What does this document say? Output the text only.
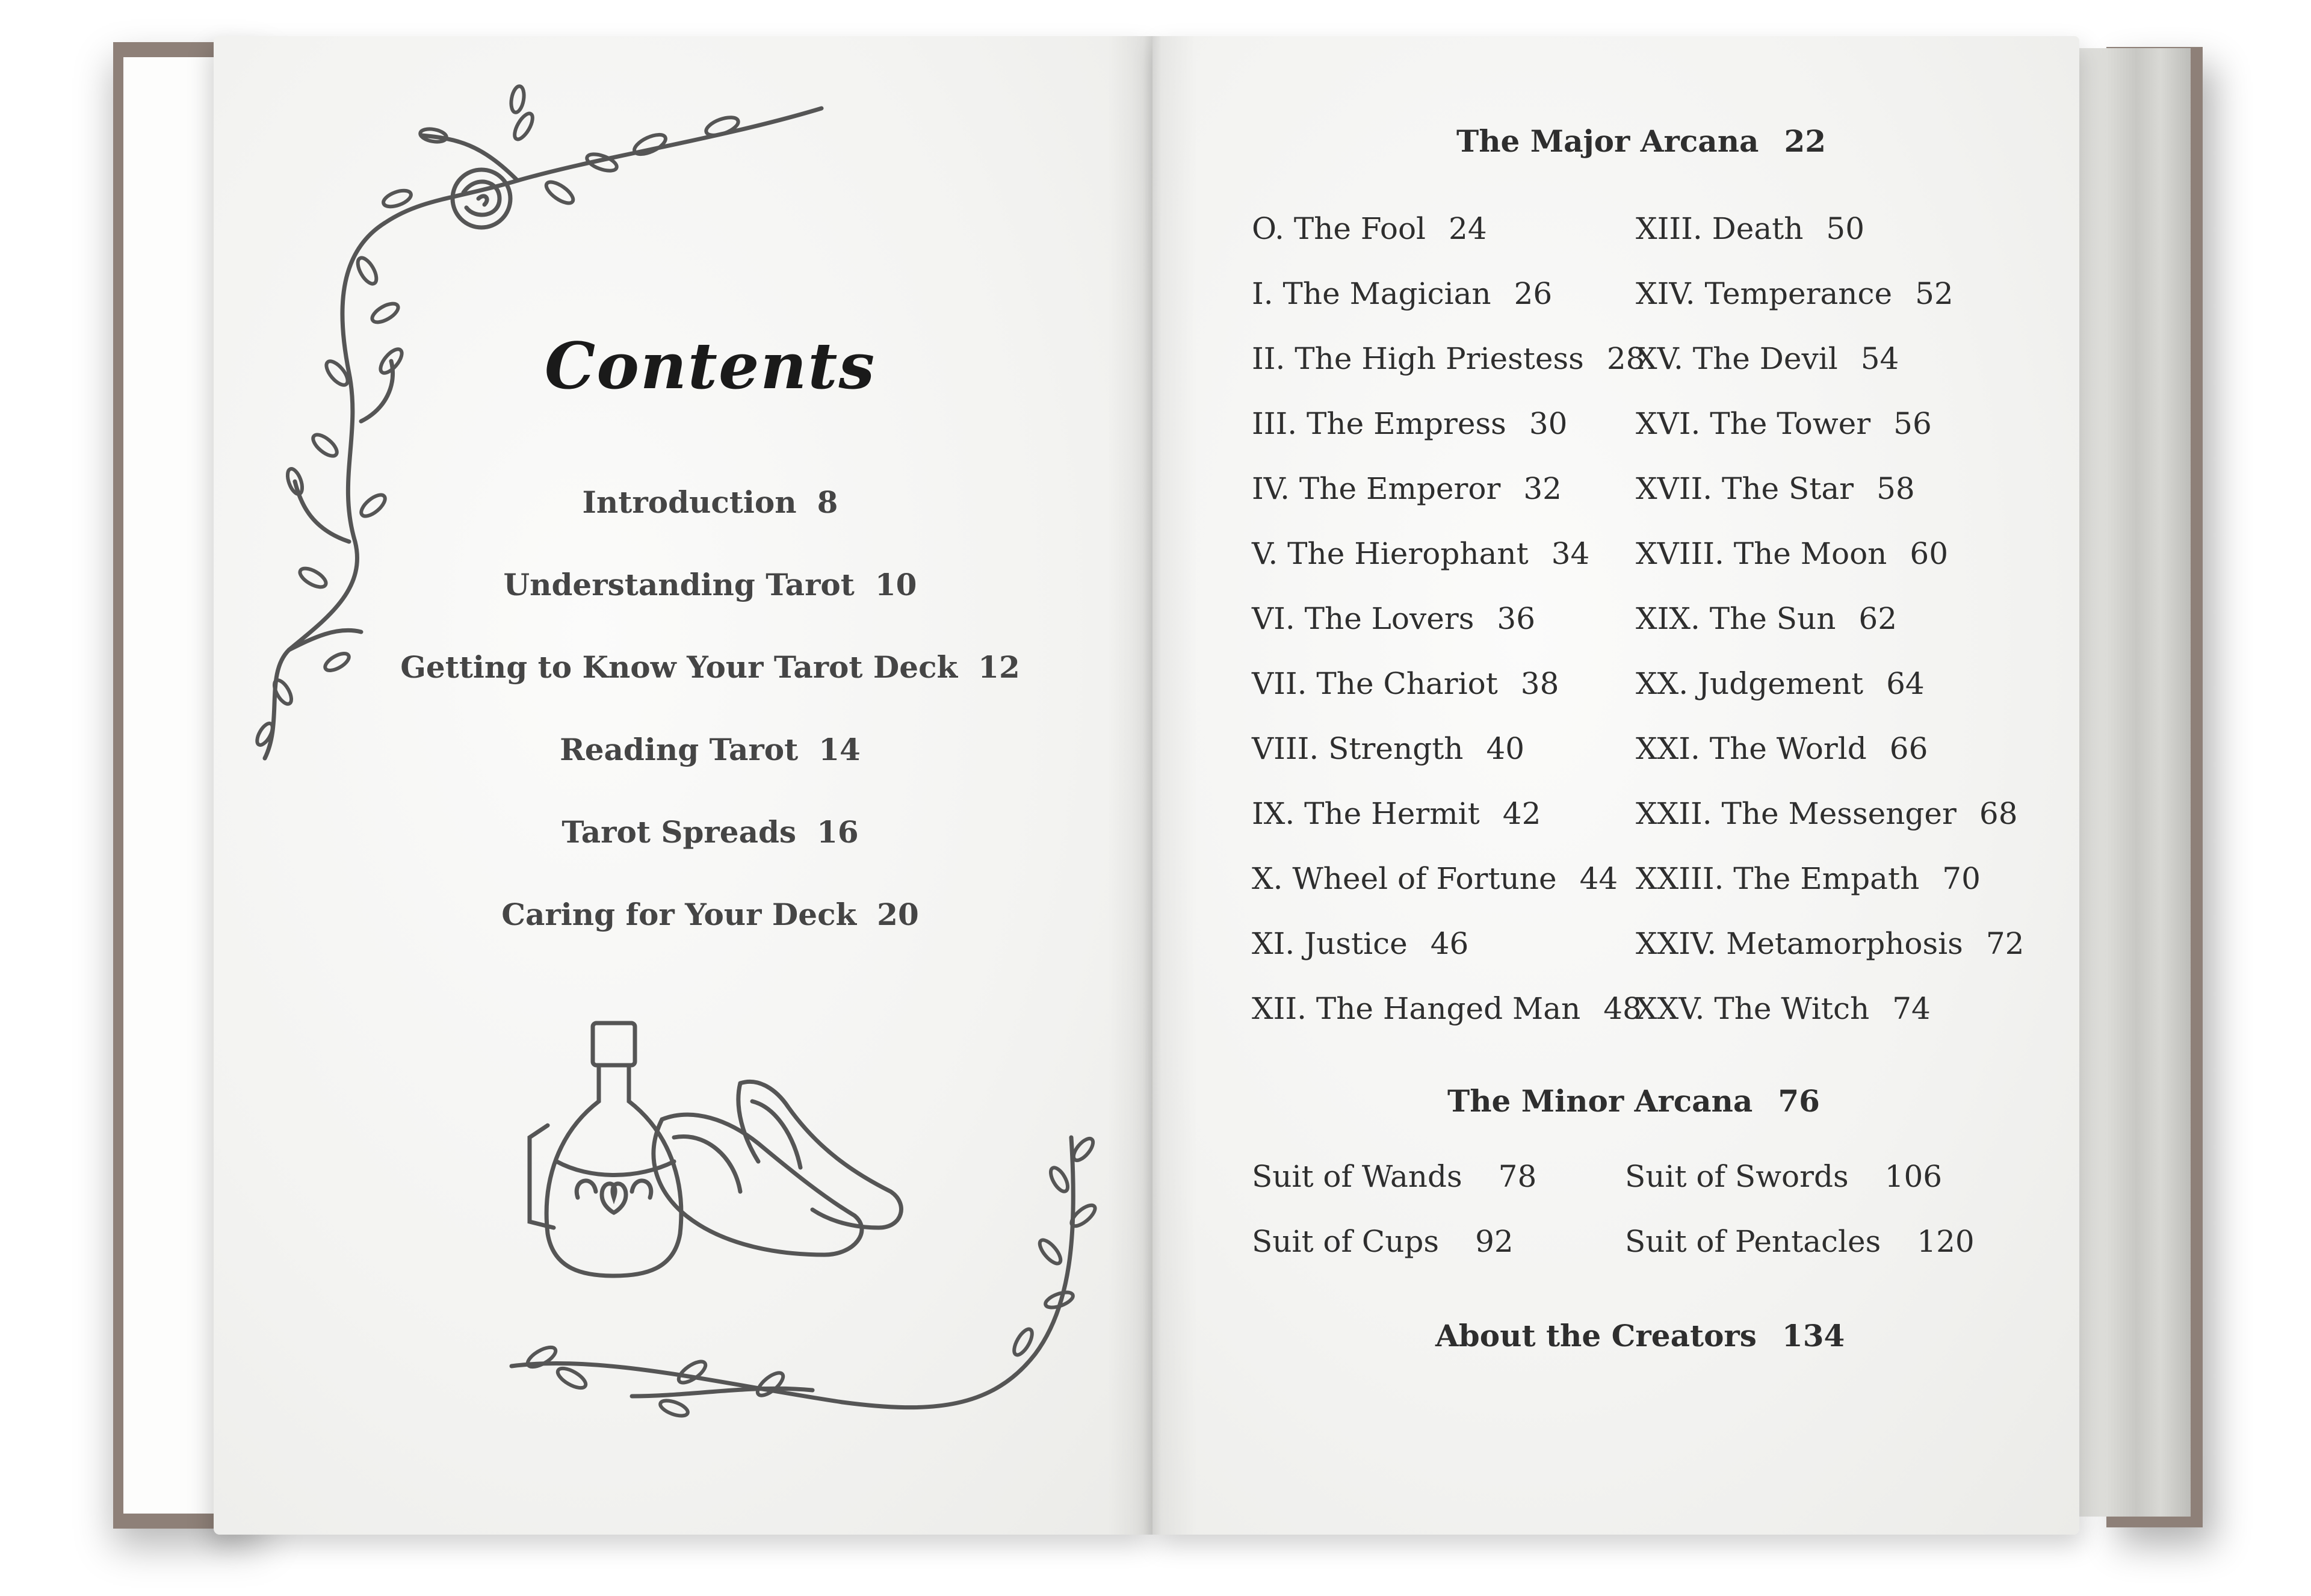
Contents
Introduction 8
Understanding Tarot 10
Getting to Know Your Tarot Deck 12
Reading Tarot 14
Tarot Spreads 16
Caring for Your Deck 20
The Major Arcana 22
O. The Fool 24
I. The Magician 26
II. The High Priestess 28
III. The Empress 30
IV. The Emperor 32
V. The Hierophant 34
VI. The Lovers 36
VII. The Chariot 38
VIII. Strength 40
IX. The Hermit 42
X. Wheel of Fortune 44
XI. Justice 46
XII. The Hanged Man 48
XIII. Death 50
XIV. Temperance 52
XV. The Devil 54
XVI. The Tower 56
XVII. The Star 58
XVIII. The Moon 60
XIX. The Sun 62
XX. Judgement 64
XXI. The World 66
XXII. The Messenger 68
XXIII. The Empath 70
XXIV. Metamorphosis 72
XXV. The Witch 74
The Minor Arcana 76
Suit of Wands 78
Suit of Cups 92
Suit of Swords 106
Suit of Pentacles 120
About the Creators 134
